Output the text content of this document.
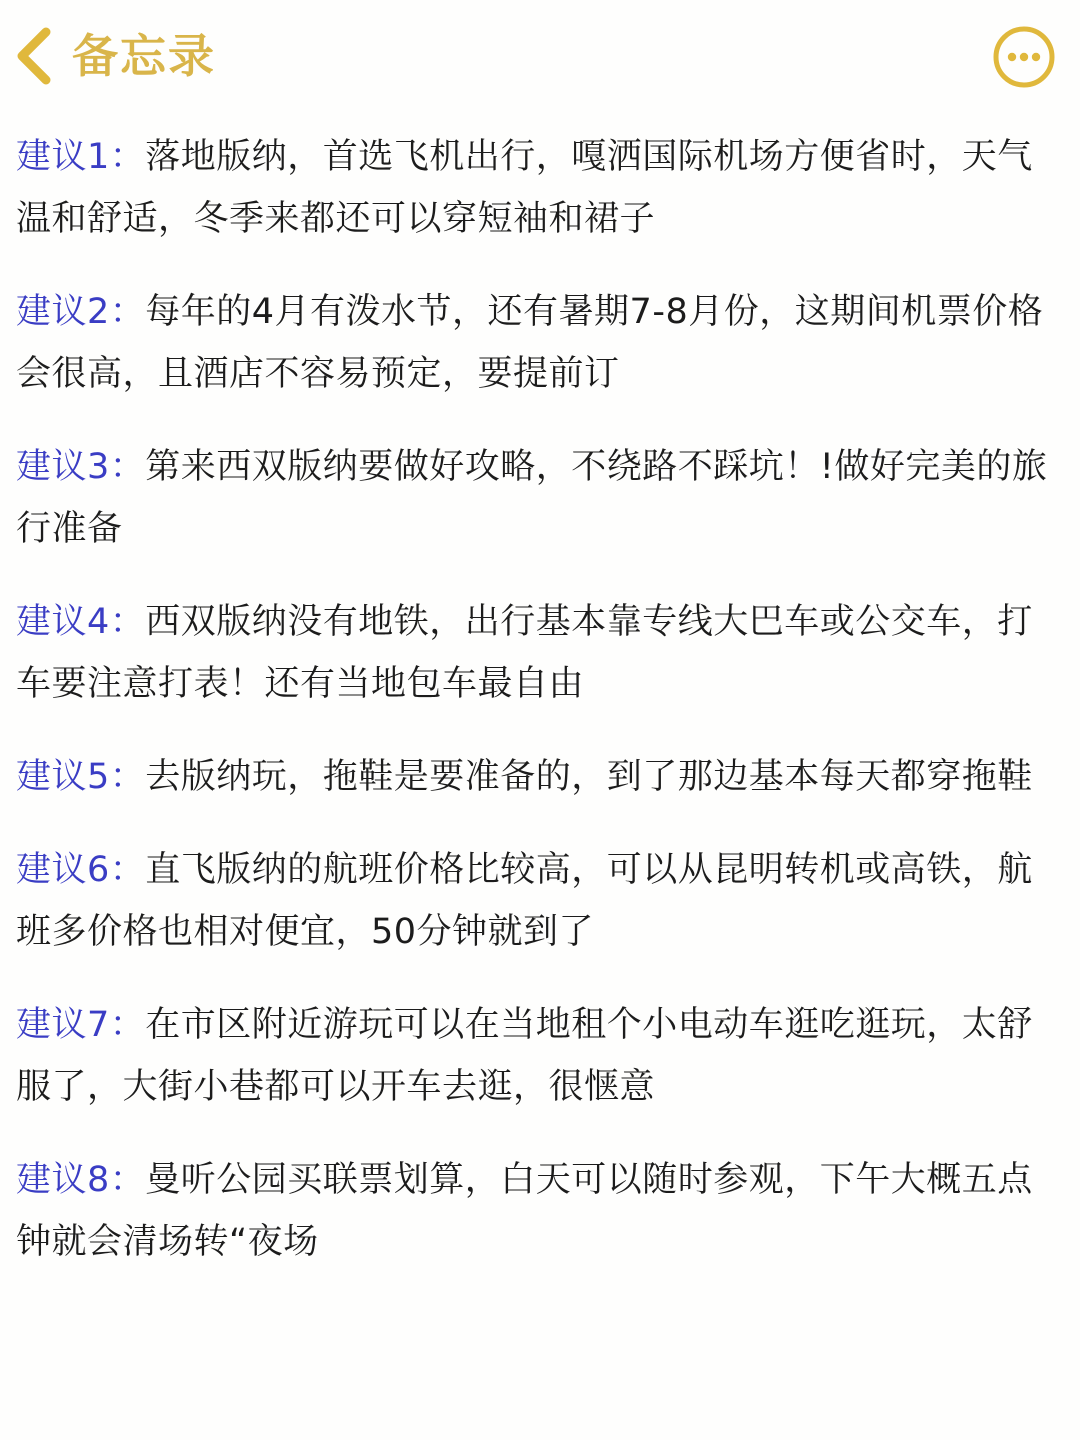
备忘录

建议1：落地版纳，首选飞机出行，嘎洒国际机场方便省时，天气温和舒适，冬季来都还可以穿短袖和裙子

建议2：每年的4月有泼水节，还有暑期7-8月份，这期间机票价格会很高，且酒店不容易预定，要提前订

建议3：第来西双版纳要做好攻略，不绕路不踩坑！!做好完美的旅行准备

建议4：西双版纳没有地铁，出行基本靠专线大巴车或公交车，打车要注意打表！还有当地包车最自由

建议5：去版纳玩，拖鞋是要准备的，到了那边基本每天都穿拖鞋

建议6：直飞版纳的航班价格比较高，可以从昆明转机或高铁，航班多价格也相对便宜，50分钟就到了

建议7：在市区附近游玩可以在当地租个小电动车逛吃逛玩，太舒服了，大街小巷都可以开车去逛，很惬意

建议8：曼听公园买联票划算，白天可以随时参观，下午大概五点钟就会清场转“夜场
